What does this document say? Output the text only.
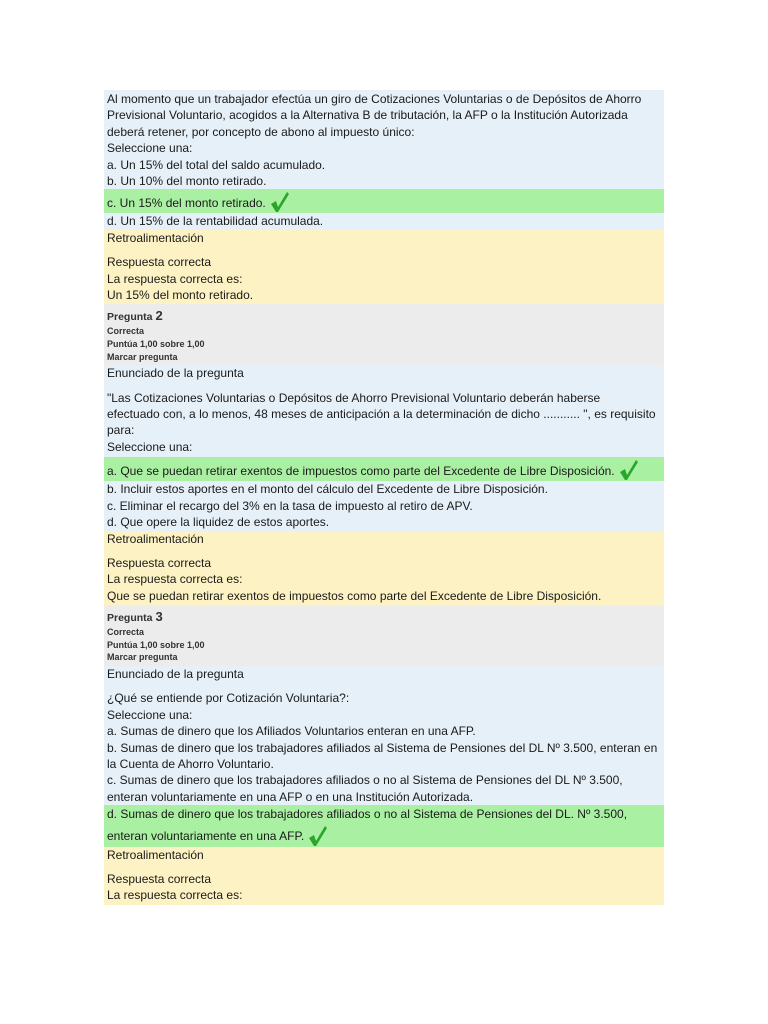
Al momento que un trabajador efectúa un giro de Cotizaciones Voluntarias o de Depósitos de Ahorro
Previsional Voluntario, acogidos a la Alternativa B de tributación, la AFP o la Institución Autorizada
deberá retener, por concepto de abono al impuesto único:
Seleccione una:
a. Un 15% del total del saldo acumulado.
b. Un 10% del monto retirado.
c. Un 15% del monto retirado.
d. Un 15% de la rentabilidad acumulada.
Retroalimentación
Respuesta correcta
La respuesta correcta es:
Un 15% del monto retirado.
Pregunta 2
Correcta
Puntúa 1,00 sobre 1,00
Marcar pregunta
Enunciado de la pregunta
"Las Cotizaciones Voluntarias o Depósitos de Ahorro Previsional Voluntario deberán haberse
efectuado con, a lo menos, 48 meses de anticipación a la determinación de dicho ........... ", es requisito
para:
Seleccione una:
a. Que se puedan retirar exentos de impuestos como parte del Excedente de Libre Disposición.
b. Incluir estos aportes en el monto del cálculo del Excedente de Libre Disposición.
c. Eliminar el recargo del 3% en la tasa de impuesto al retiro de APV.
d. Que opere la liquidez de estos aportes.
Retroalimentación
Respuesta correcta
La respuesta correcta es:
Que se puedan retirar exentos de impuestos como parte del Excedente de Libre Disposición.
Pregunta 3
Correcta
Puntúa 1,00 sobre 1,00
Marcar pregunta
Enunciado de la pregunta
¿Qué se entiende por Cotización Voluntaria?:
Seleccione una:
a. Sumas de dinero que los Afiliados Voluntarios enteran en una AFP.
b. Sumas de dinero que los trabajadores afiliados al Sistema de Pensiones del DL Nº 3.500, enteran en la Cuenta de Ahorro Voluntario.
c. Sumas de dinero que los trabajadores afiliados o no al Sistema de Pensiones del DL Nº 3.500, enteran voluntariamente en una AFP o en una Institución Autorizada.
d. Sumas de dinero que los trabajadores afiliados o no al Sistema de Pensiones del DL. Nº 3.500,
enteran voluntariamente en una AFP.
Retroalimentación
Respuesta correcta
La respuesta correcta es:
